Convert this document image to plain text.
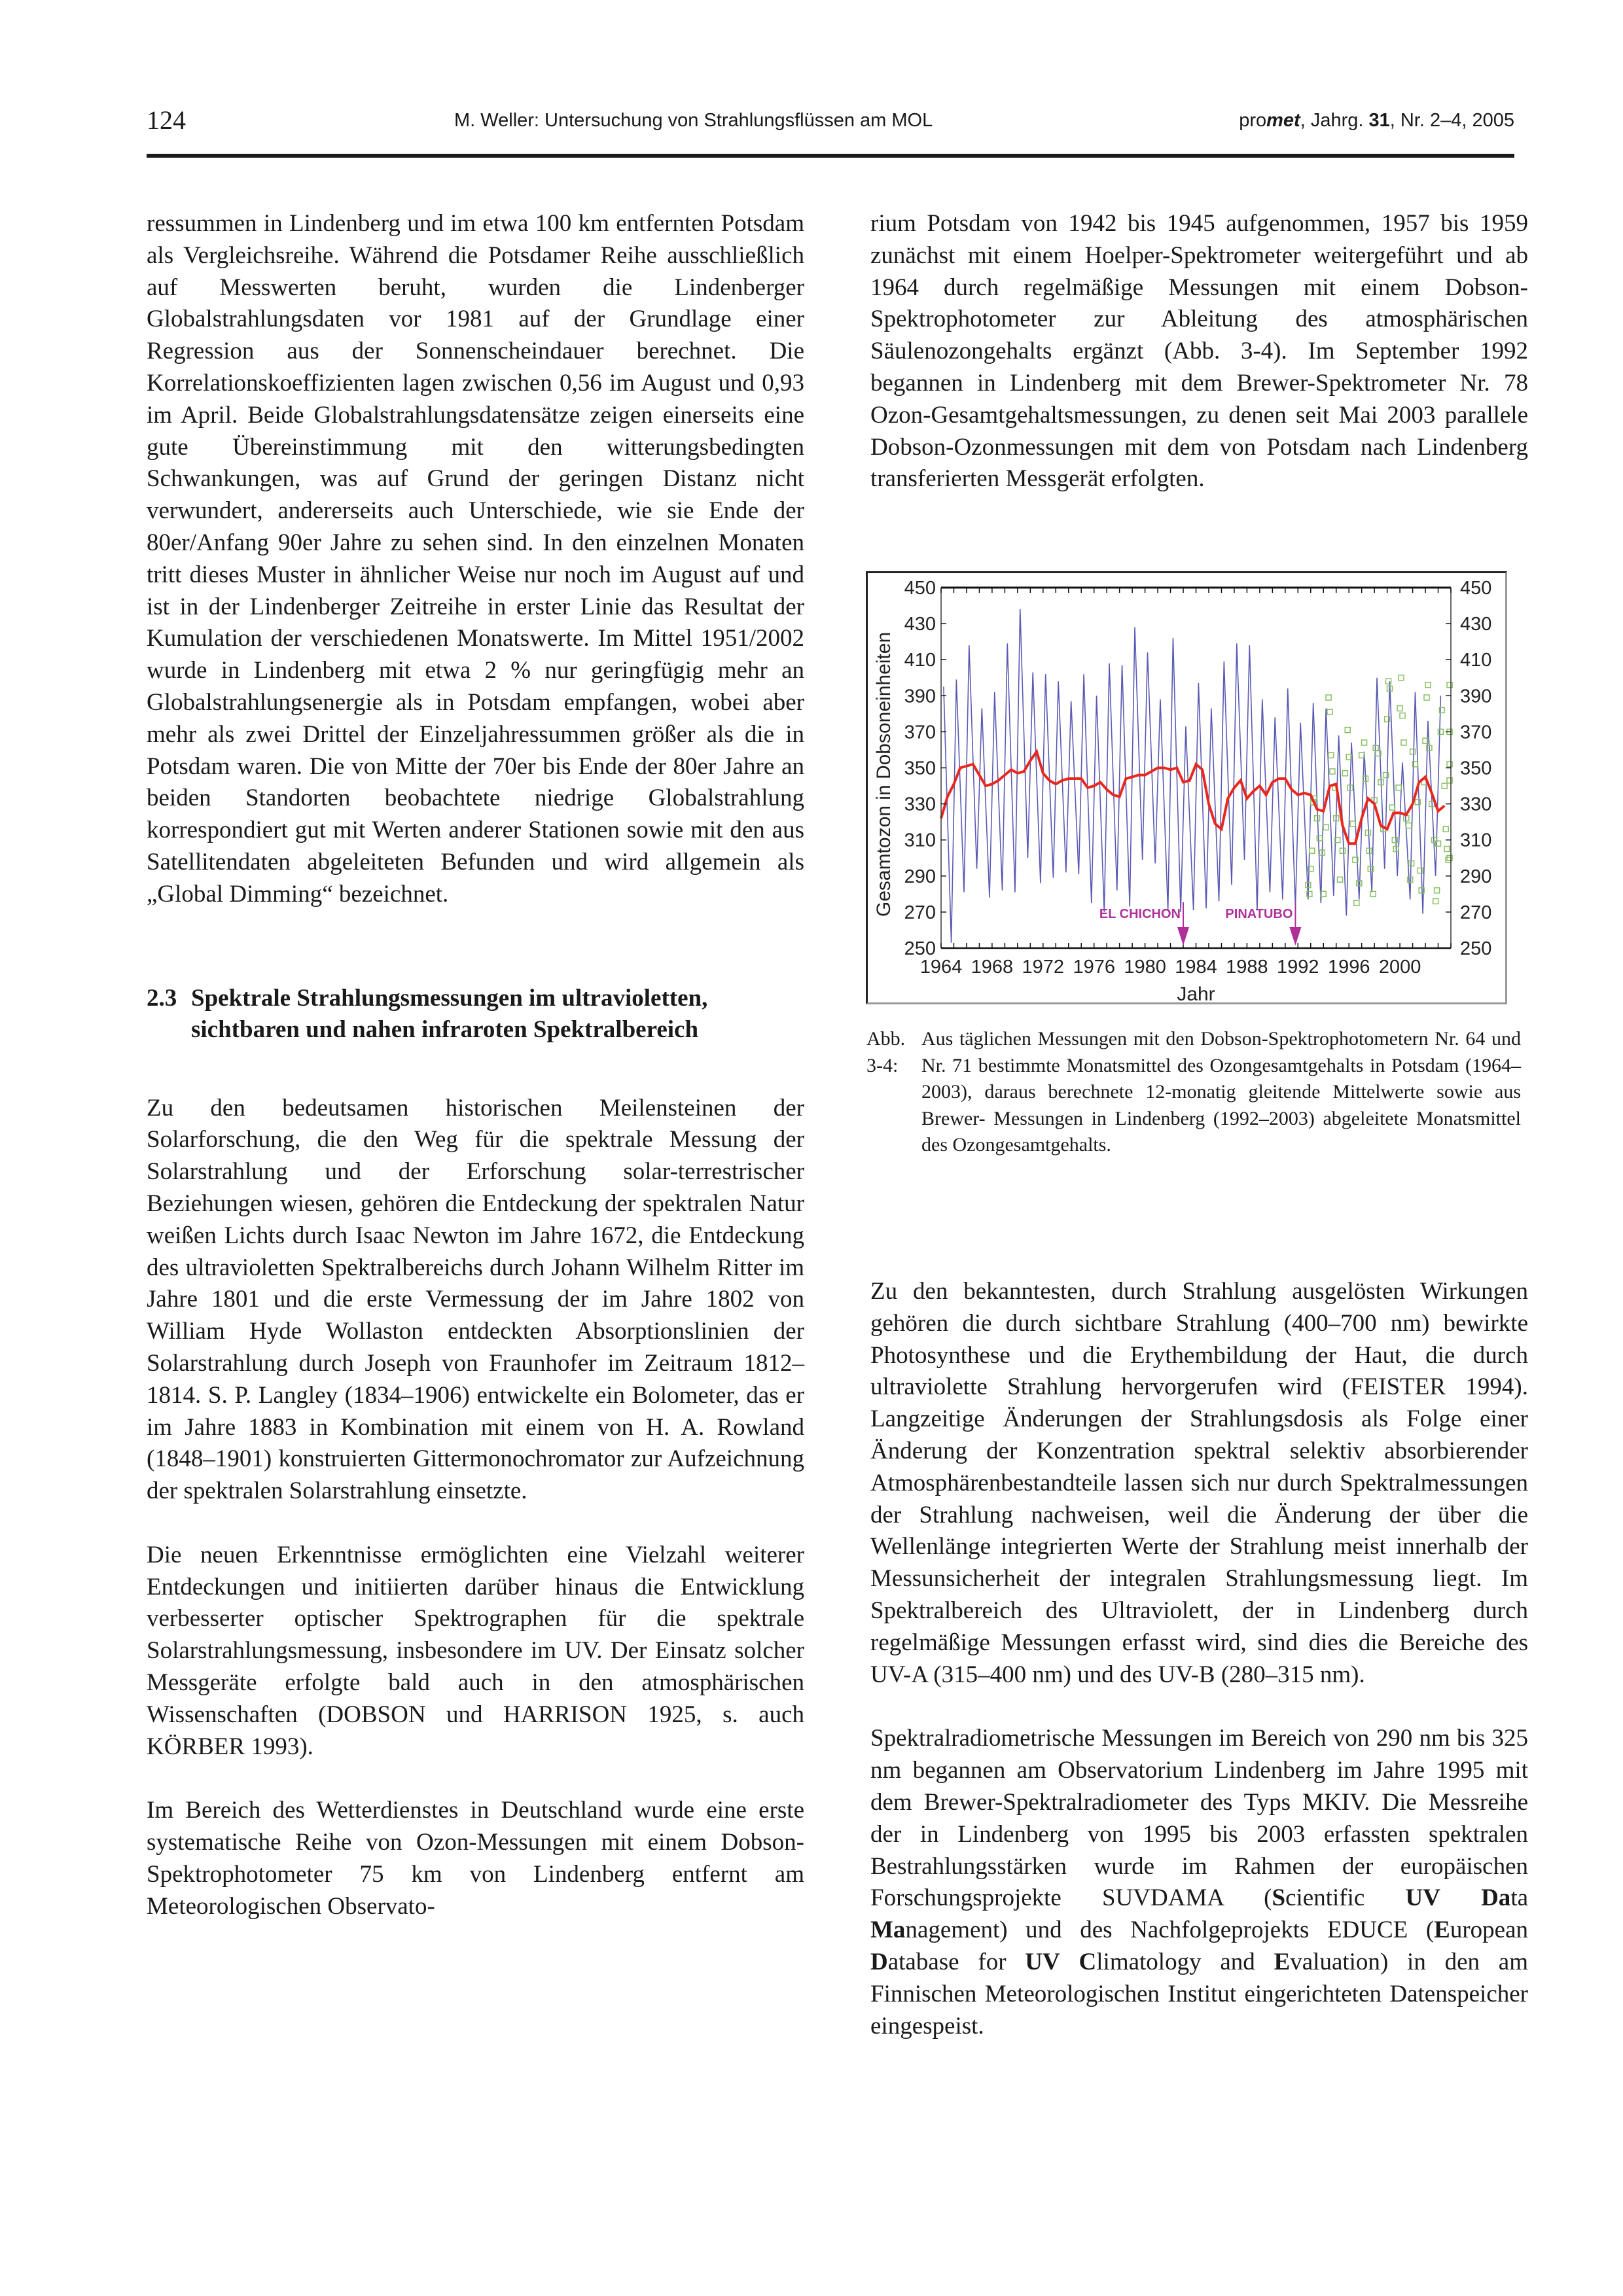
124	M. Weller: Untersuchung von Strahlungsflüssen am MOL	promet, Jahrg. 31, Nr. 2–4, 2005

ressummen in Lindenberg und im etwa 100 km entfernten Potsdam als Vergleichsreihe. Während die Potsdamer Reihe ausschließlich auf Messwerten beruht, wurden die Lindenberger Globalstrahlungsdaten vor 1981 auf der Grundlage einer Regression aus der Sonnenscheindauer berechnet. Die Korrelationskoeffizienten lagen zwischen 0,56 im August und 0,93 im April. Beide Globalstrahlungsdatensätze zeigen einerseits eine gute Übereinstimmung mit den witterungsbedingten Schwankungen, was auf Grund der geringen Distanz nicht verwundert, andererseits auch Unterschiede, wie sie Ende der 80er/Anfang 90er Jahre zu sehen sind. In den einzelnen Monaten tritt dieses Muster in ähnlicher Weise nur noch im August auf und ist in der Lindenberger Zeitreihe in erster Linie das Resultat der Kumulation der verschiedenen Monatswerte. Im Mittel 1951/2002 wurde in Lindenberg mit etwa 2 % nur geringfügig mehr an Globalstrahlungsenergie als in Potsdam empfangen, wobei aber mehr als zwei Drittel der Einzeljahressummen größer als die in Potsdam waren. Die von Mitte der 70er bis Ende der 80er Jahre an beiden Standorten beobachtete niedrige Globalstrahlung korrespondiert gut mit Werten anderer Stationen sowie mit den aus Satellitendaten abgeleiteten Befunden und wird allgemein als „Global Dimming“ bezeichnet.

2.3 Spektrale Strahlungsmessungen im ultravioletten, sichtbaren und nahen infraroten Spektralbereich

Zu den bedeutsamen historischen Meilensteinen der Solarforschung, die den Weg für die spektrale Messung der Solarstrahlung und der Erforschung solar-terrestrischer Beziehungen wiesen, gehören die Entdeckung der spektralen Natur weißen Lichts durch Isaac Newton im Jahre 1672, die Entdeckung des ultravioletten Spektralbereichs durch Johann Wilhelm Ritter im Jahre 1801 und die erste Vermessung der im Jahre 1802 von William Hyde Wollaston entdeckten Absorptionslinien der Solarstrahlung durch Joseph von Fraunhofer im Zeitraum 1812–1814. S. P. Langley (1834–1906) entwickelte ein Bolometer, das er im Jahre 1883 in Kombination mit einem von H. A. Rowland (1848–1901) konstruierten Gittermonochromator zur Aufzeichnung der spektralen Solarstrahlung einsetzte.

Die neuen Erkenntnisse ermöglichten eine Vielzahl weiterer Entdeckungen und initiierten darüber hinaus die Entwicklung verbesserter optischer Spektrographen für die spektrale Solarstrahlungsmessung, insbesondere im UV. Der Einsatz solcher Messgeräte erfolgte bald auch in den atmosphärischen Wissenschaften (DOBSON und HARRISON 1925, s. auch KÖRBER 1993).

Im Bereich des Wetterdienstes in Deutschland wurde eine erste systematische Reihe von Ozon-Messungen mit einem Dobson-Spektrophotometer 75 km von Lindenberg entfernt am Meteorologischen Observato-

rium Potsdam von 1942 bis 1945 aufgenommen, 1957 bis 1959 zunächst mit einem Hoelper-Spektrometer weitergeführt und ab 1964 durch regelmäßige Messungen mit einem Dobson-Spektrophotometer zur Ableitung des atmosphärischen Säulenozongehalts ergänzt (Abb. 3-4). Im September 1992 begannen in Lindenberg mit dem Brewer-Spektrometer Nr. 78 Ozon-Gesamtgehaltsmessungen, zu denen seit Mai 2003 parallele Dobson-Ozonmessungen mit dem von Potsdam nach Lindenberg transferierten Messgerät erfolgten.

1964 1968 1972 1976 1980 1984 1988 1992 1996 2000
250	250
270	270
290	290
310	310
330	330
350	350
370	370
390	390
410	410
430	430
450	450
Jahr
Gesamtozon in Dobsoneinheiten	EL CHICHON	PINATUBO
Abb. 3-4:
Aus täglichen Messungen mit den Dobson-Spektrophotometern Nr. 64 und Nr. 71 bestimmte Monatsmittel des Ozongesamtgehalts in Potsdam (1964–2003), daraus berechnete 12-monatig gleitende Mittelwerte sowie aus Brewer- Messungen in Lindenberg (1992–2003) abgeleitete Monatsmittel des Ozongesamtgehalts.

Zu den bekanntesten, durch Strahlung ausgelösten Wirkungen gehören die durch sichtbare Strahlung (400–700 nm) bewirkte Photosynthese und die Erythembildung der Haut, die durch ultraviolette Strahlung hervorgerufen wird (FEISTER 1994). Langzeitige Änderungen der Strahlungsdosis als Folge einer Änderung der Konzentration spektral selektiv absorbierender Atmosphärenbestandteile lassen sich nur durch Spektralmessungen der Strahlung nachweisen, weil die Änderung der über die Wellenlänge integrierten Werte der Strahlung meist innerhalb der Messunsicherheit der integralen Strahlungsmessung liegt. Im Spektralbereich des Ultraviolett, der in Lindenberg durch regelmäßige Messungen erfasst wird, sind dies die Bereiche des UV-A (315–400 nm) und des UV-B (280–315 nm).

Spektralradiometrische Messungen im Bereich von 290 nm bis 325 nm begannen am Observatorium Lindenberg im Jahre 1995 mit dem Brewer-Spektralradiometer des Typs MKIV. Die Messreihe der in Lindenberg von 1995 bis 2003 erfassten spektralen Bestrahlungsstärken wurde im Rahmen der europäischen Forschungsprojekte SUVDAMA (Scientific UV Data Management) und des Nachfolgeprojekts EDUCE (European Database for UV Climatology and Evaluation) in den am Finnischen Meteorologischen Institut eingerichteten Datenspeicher eingespeist.
